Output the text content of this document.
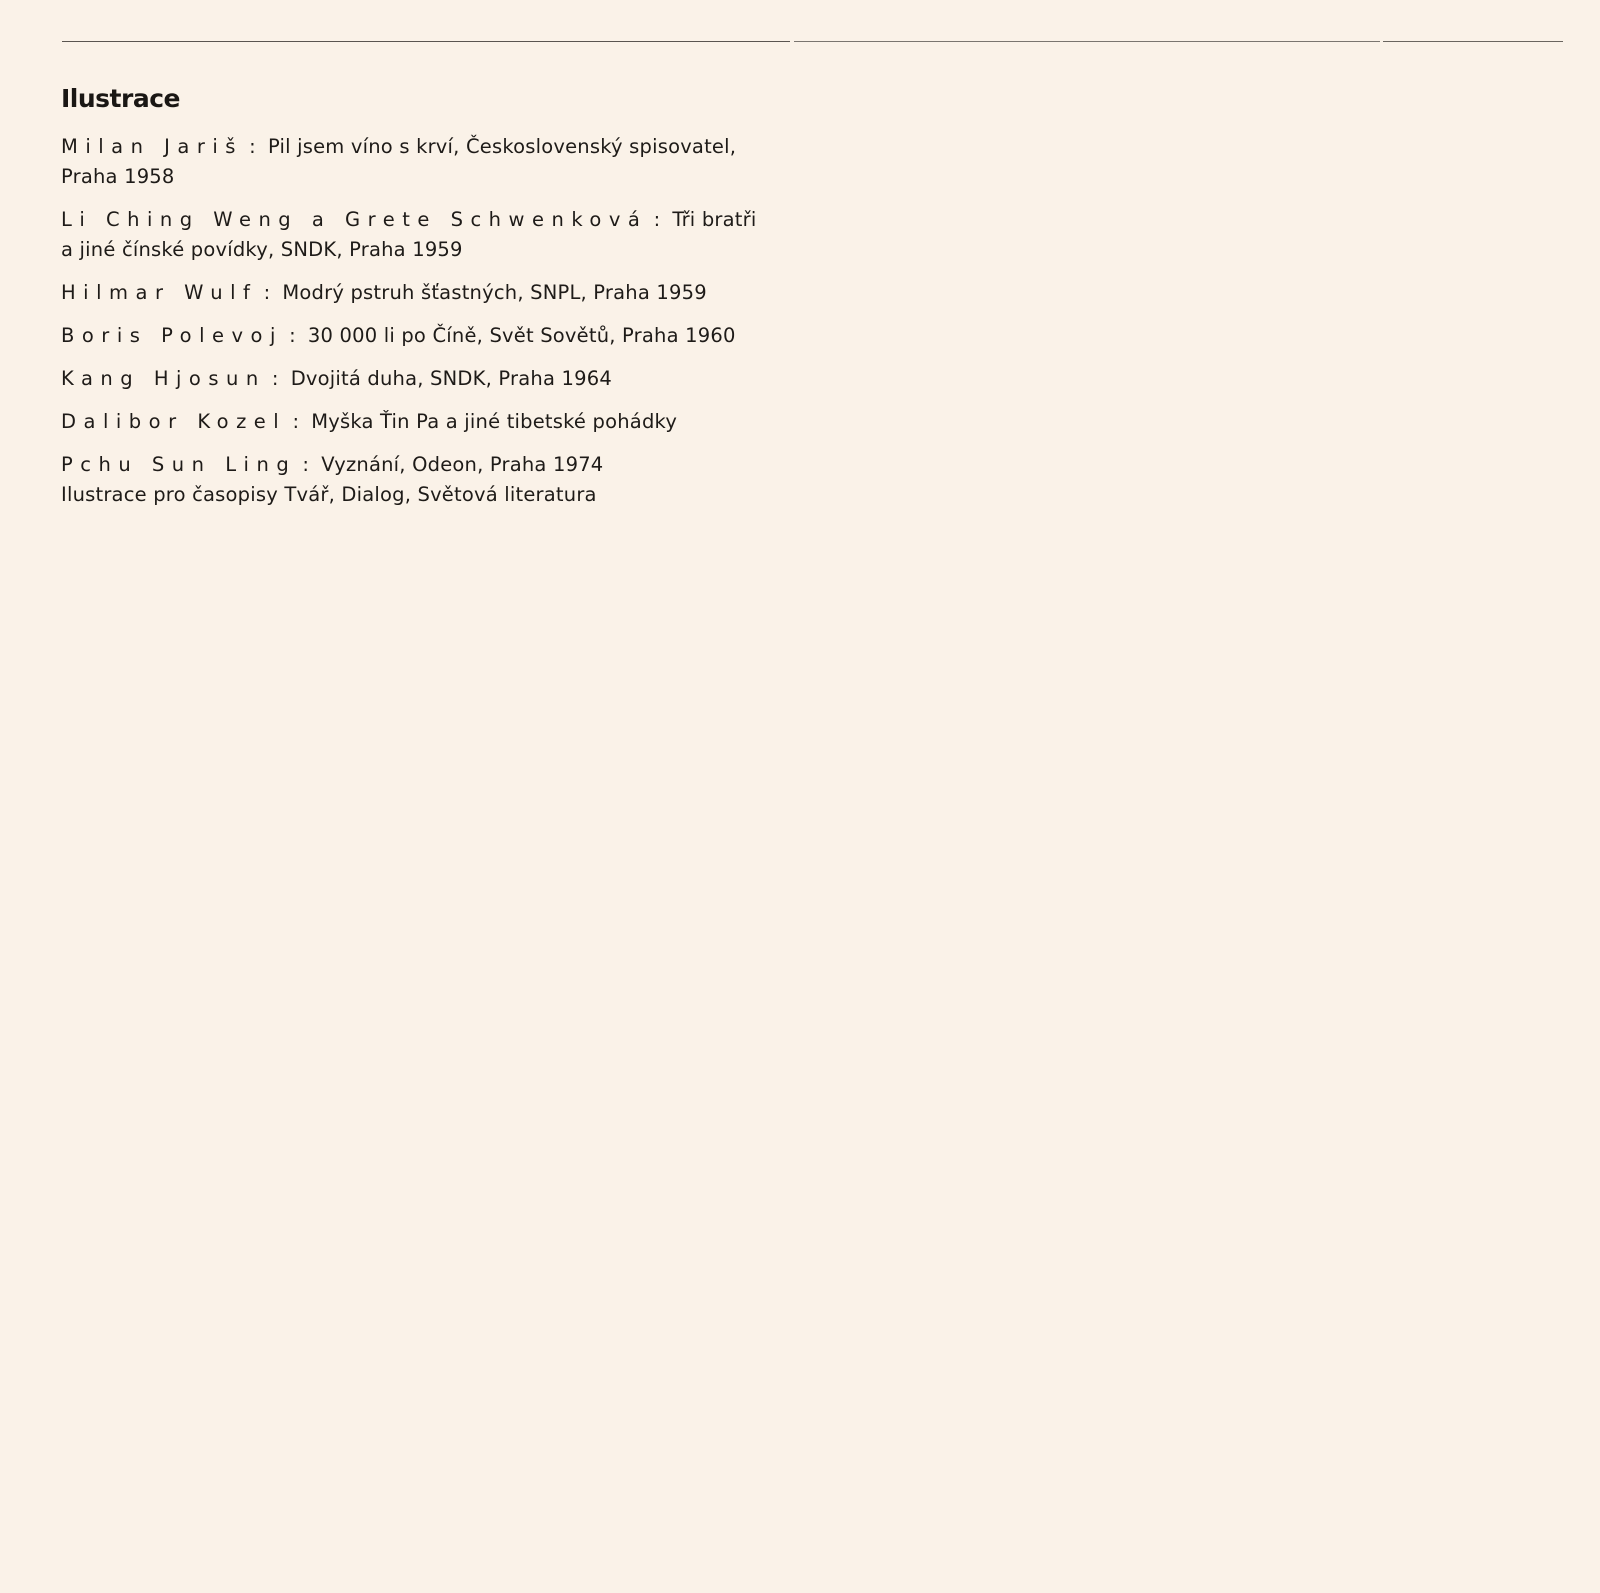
Ilustrace

Milan Jariš : Pil jsem víno s krví, Československý spisovatel,
Praha 1958

Li Ching Weng a Grete Schwenková : Tři bratři
a jiné čínské povídky, SNDK, Praha 1959

Hilmar Wulf : Modrý pstruh šťastných, SNPL, Praha 1959

Boris Polevoj : 30 000 li po Číně, Svět Sovětů, Praha 1960

Kang Hjosun : Dvojitá duha, SNDK, Praha 1964

Dalibor Kozel : Myška Ťin Pa a jiné tibetské pohádky

Pchu Sun Ling : Vyznání, Odeon, Praha 1974

Ilustrace pro časopisy Tvář, Dialog, Světová literatura
